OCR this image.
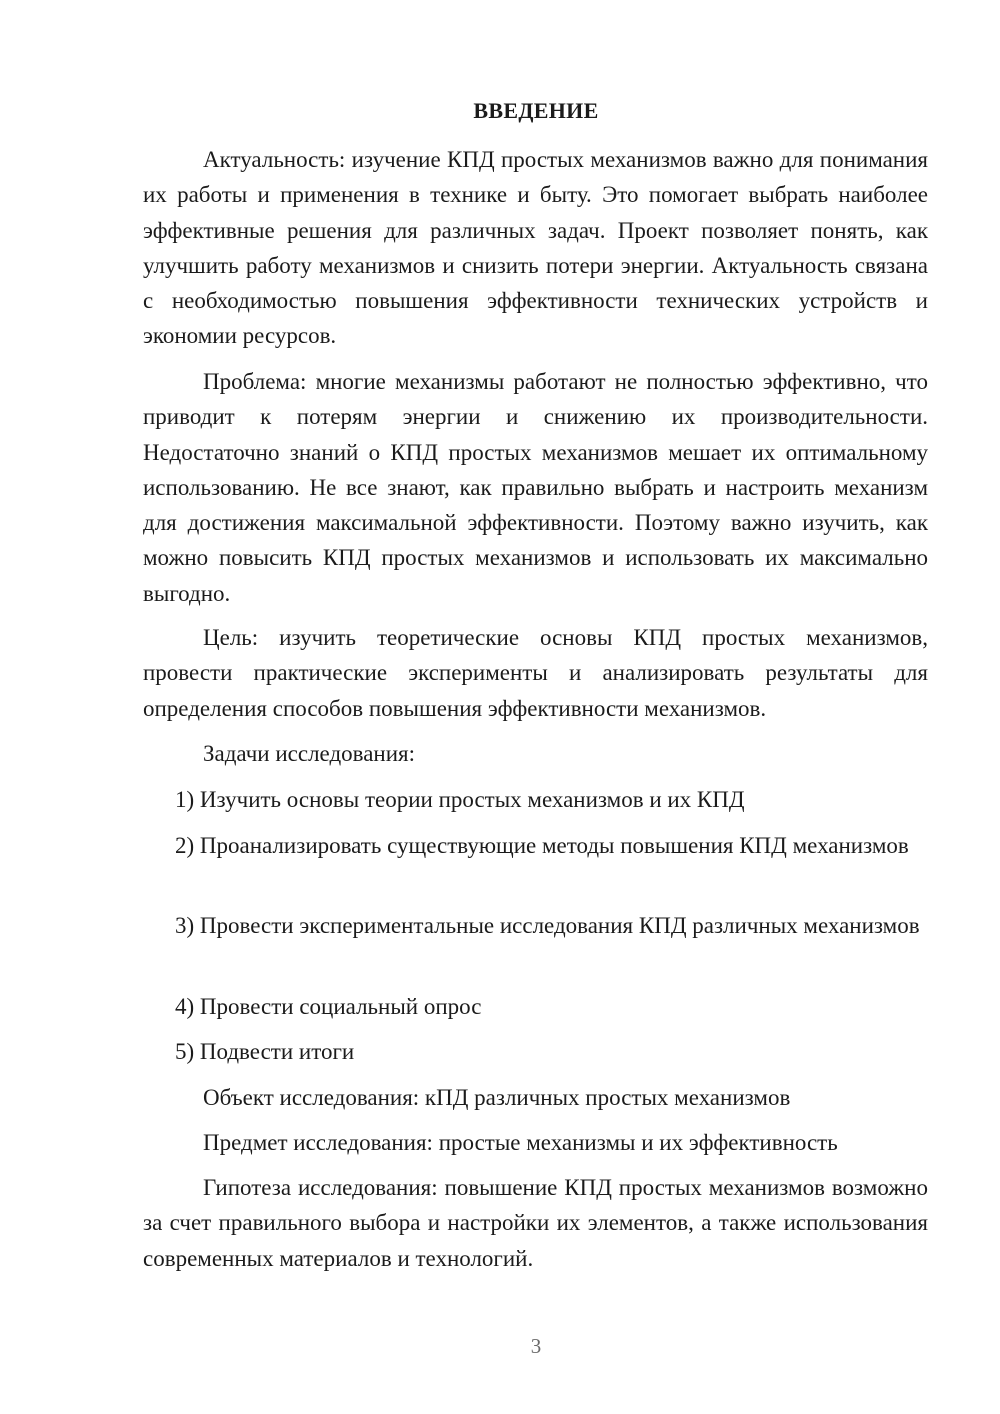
ВВЕДЕНИЕ

Актуальность: изучение КПД простых механизмов важно для понимания их работы и применения в технике и быту. Это помогает выбрать наиболее эффективные решения для различных задач. Проект позволяет понять, как улучшить работу механизмов и снизить потери энергии. Актуальность связана с необходимостью повышения эффективности технических устройств и экономии ресурсов.

Проблема: многие механизмы работают не полностью эффективно, что приводит к потерям энергии и снижению их производительности. Недостаточно знаний о КПД простых механизмов мешает их оптимальному использованию. Не все знают, как правильно выбрать и настроить механизм для достижения максимальной эффективности. Поэтому важно изучить, как можно повысить КПД простых механизмов и использовать их максимально выгодно.

Цель: изучить теоретические основы КПД простых механизмов, провести практические эксперименты и анализировать результаты для определения способов повышения эффективности механизмов.

Задачи исследования:

1) Изучить основы теории простых механизмов и их КПД

2) Проанализировать существующие методы повышения КПД механизмов

3) Провести экспериментальные исследования КПД различных механизмов

4) Провести социальный опрос

5) Подвести итоги

Объект исследования: кПД различных простых механизмов

Предмет исследования: простые механизмы и их эффективность

Гипотеза исследования: повышение КПД простых механизмов возможно за счет правильного выбора и настройки их элементов, а также использования современных материалов и технологий.

3
